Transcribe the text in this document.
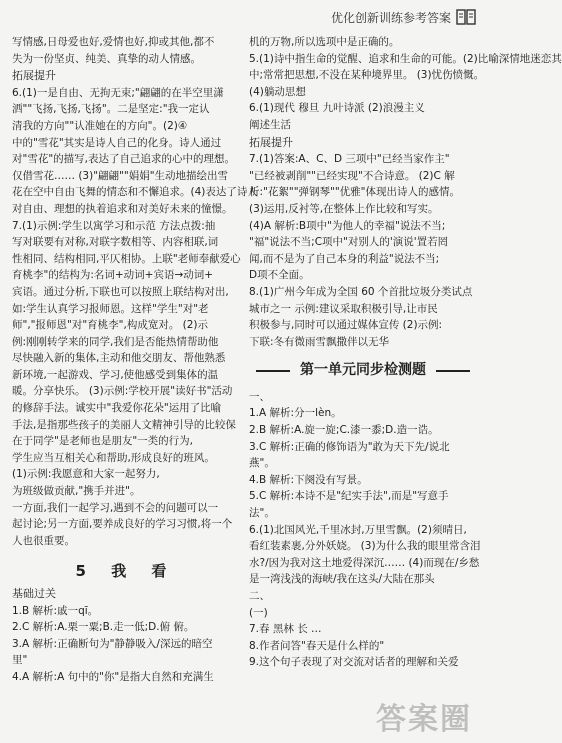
优化创新训练参考答案
写情感,日母爱也好,爱情也好,抑或其他,都不
失为一份坚贞、纯美、真挚的动人情感。
拓展提升
6.(1)一是自由、无拘无束;"翩翩的在半空里潇
洒""飞扬,飞扬,飞扬"。二是坚定:"我一定认
清我的方向""认准她在的方向"。(2)④
中的"雪花"其实是诗人自己的化身。诗人通过
对"雪花"的描写,表达了自己追求的心中的理想。
仅借雪花…… (3)"翩翩""娟娟"生动地描绘出雪
花在空中自由飞舞的情态和不懈追求。(4)表达了诗人
对自由、理想的执着追求和对美好未来的憧憬。
7.(1)示例:学生以寓学习和示范 方法点拨:抽
写对联要有对称,对联字数相等、内容相联,词
性相同、结构相同,平仄相协。上联"老师奉献爱心
育桃李"的结构为:名词+动词+宾语→动词+
宾语。通过分析,下联也可以按照上联结构对出,
如:学生认真学习报师恩。这样"学生"对"老
师","报师恩"对"育桃李",构成宽对。 (2)示
例:刚刚转学来的同学,我们是否能热情帮助他
尽快融入新的集体,主动和他交朋友、帮他熟悉
新环境,一起游戏、学习,使他感受到集体的温
暖。分享快乐。 (3)示例:学校开展"读好书"活动
的修辞手法。诚实中"我爱你花朵"运用了比喻
手法,是指那些孩子的美丽人文精神引导的比较保
在于同学"是老师也是朋友"一类的行为,
学生应当互相关心和帮助,形成良好的班风。
(1)示例:我愿意和大家一起努力,
为班级做贡献,"携手并进"。
一方面,我们一起学习,遇到不会的问题可以一
起讨论;另一方面,要养成良好的学习习惯,将一个
人也很重要。
5 我 看
基础过关
1.B 解析:戚一qī。
2.C 解析:A.栗一粟;B.走一低;D.俯 俯。
3.A 解析:正确断句为"静静吸入/深远的暗空
里"
4.A 解析:A 句中的"你"是指大自然和充满生
机的万物,所以选项中是正确的。
5.(1)诗中指生命的觉醒、追求和生命的可能。(2)比喻深情地迷恋其
中;常常把思想,不没在某种境界里。 (3)忧伤愤慨。
(4)躺动思想
6.(1)现代 穆旦 九叶诗派 (2)浪漫主义
阐述生活
拓展提升
7.(1)答案:A、C、D 三项中"已经当家作主"
"已经被剥削""已经实现"不合诗意。 (2)C 解
析:"花絮""弹钢琴""优雅"体现出诗人的感情。
(3)运用,反衬等,在整体上作比较和写实。
(4)A 解析:B项中"为他人的幸福"说法不当;
"福"说法不当;C项中"对别人的'演说'置若罔
闻,而不是为了自己本身的利益"说法不当;
D项不全面。
8.(1)广州今年成为全国 60 个首批垃圾分类试点
城市之一 示例:建议采取积极引导,让市民
积极参与,同时可以通过媒体宣传 (2)示例:
下联:冬有微雨雪飘撒伴以无华
第一单元同步检测题
一、
1.A 解析:分一lèn。
2.B 解析:A.旋一旋;C.漆一黍;D.造一诰。
3.C 解析:正确的修饰语为"敢为天下先/说北
燕"。
4.B 解析:下阕没有写景。
5.C 解析:本诗不是"纪实手法",而是"写意手
法"。
6.(1)北国风光,千里冰封,万里雪飘。(2)须晴日,
看红装素裹,分外妖娆。 (3)为什么我的眼里常含泪
水?/因为我对这土地爱得深沉…… (4)而现在/乡愁
是一湾浅浅的海峡/我在这头/大陆在那头
二、
(一)
7.春 黑林 长 …
8.作者问答"春天是什么样的"
9.这个句子表现了对交流对话者的理解和关爱
答案圈
